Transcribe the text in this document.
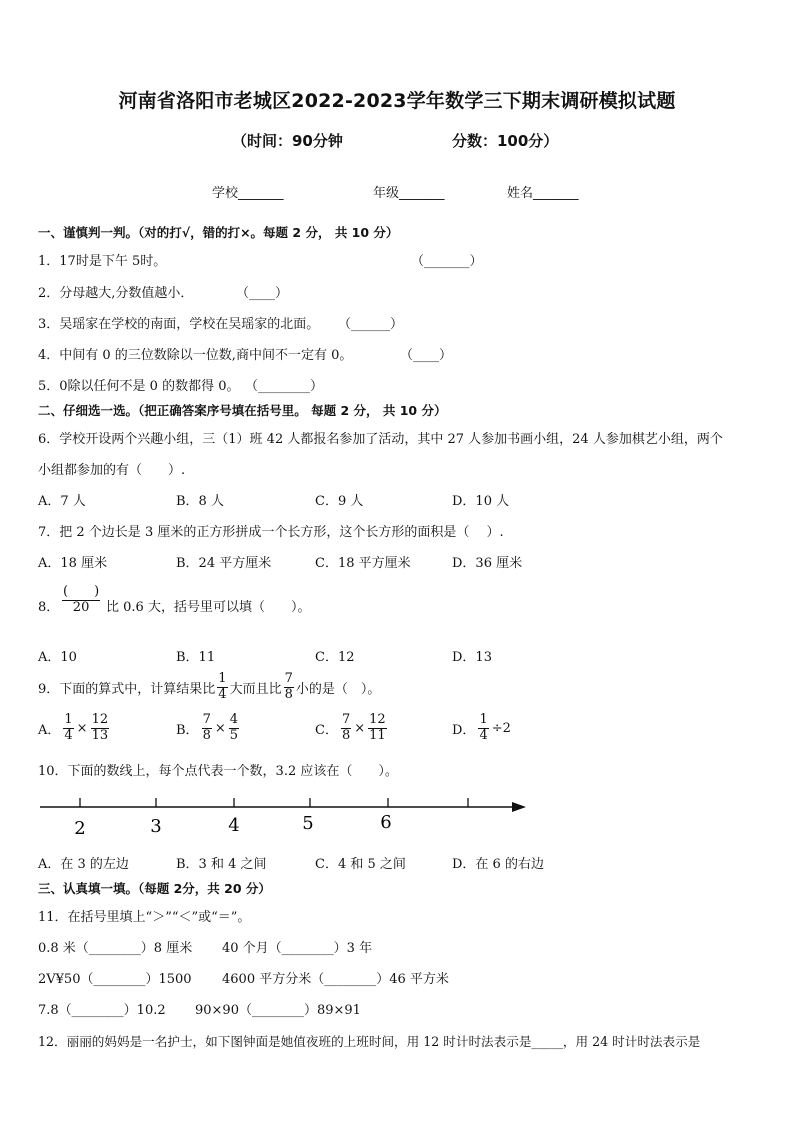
河南省洛阳市老城区2022-2023学年数学三下期末调研模拟试题
（时间：90分钟	分数：100分）
学校_______	年级_______	姓名_______
一、谨慎判一判。（对的打√，错的打×。每题 2 分， 共 10 分）
1．17时是下午 5时。	（_______）
2．分母越大,分数值越小．	（____）
3．吴瑶家在学校的南面，学校在吴瑶家的北面。 （______）
4．中间有 0 的三位数除以一位数,商中间不一定有 0。	（____）
5．0除以任何不是 0 的数都得 0。 （________）
二、仔细选一选。（把正确答案序号填在括号里。 每题 2 分， 共 10 分）
6．学校开设两个兴趣小组，三（1）班 42 人都报名参加了活动，其中 27 人参加书画小组，24 人参加棋艺小组，两个
小组都参加的有（　　）.
A．7 人	B．8 人	C．9 人	D．10 人
7．把 2 个边长是 3 厘米的正方形拼成一个长方形，这个长方形的面积是（　 ）.
A．18 厘米	B．24 平方厘米	C．18 平方厘米	D．36 厘米
8． $\frac{( )}{20}$ 比 0.6 大，括号里可以填（　　）。
A．10	B．11	C．12	D．13
9．下面的算式中，计算结果比 $\frac{1}{4}$ 大而且比 $\frac{7}{8}$ 小的是（　）。
A． $\frac{1}{4} \times \frac{12}{13}$	B． $\frac{7}{8} \times \frac{4}{5}$	C． $\frac{7}{8} \times \frac{12}{11}$	D． $\frac{1}{4} \div 2$
10．下面的数线上，每个点代表一个数，3.2 应该在（　　）。
2	3	4	5	6
A．在 3 的左边	B．3 和 4 之间	C．4 和 5 之间	D．在 6 的右边
三、认真填一填。（每题 2分，共 20 分）
11．在括号里填上“＞”“＜”或“＝”。
0.8 米（________）8 厘米 40 个月（________）3 年
2V¥50（________）1500 4600 平方分米（________）46 平方米
7.8（________）10.2 90×90（________）89×91
12．丽丽的妈妈是一名护士，如下图钟面是她值夜班的上班时间，用 12 时计时法表示是_____，用 24 时计时法表示是
